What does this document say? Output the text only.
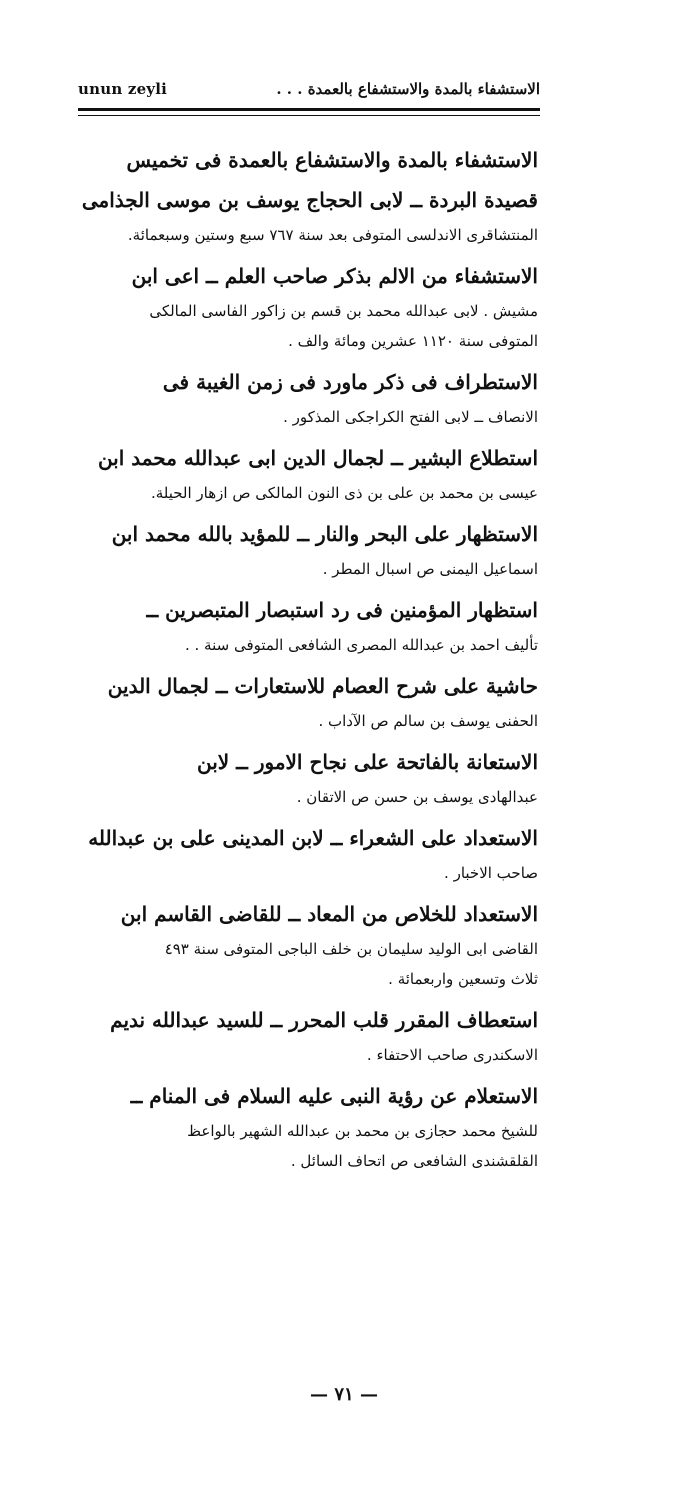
unun zeyli	الاستشفاء بالمدة والاستشفاع بالعمدة . . .
الاستشفاء بالمدة والاستشفاع بالعمدة فى تخميس
قصيدة البردة ــ لابى الحجاج يوسف بن موسى الجذامى
المنتشاقرى الاندلسى المتوفى بعد سنة ٧٦٧ سبع وستين وسبعمائة.
الاستشفاء من الالم بذكر صاحب العلم ــ اعى ابن
مشيش . لابى عبدالله محمد بن قسم بن زاكور الفاسى المالكى
المتوفى سنة ١١٢٠ عشرين ومائة والف .
الاستطراف فى ذكر ماورد فى زمن الغيبة فى
الانصاف ــ لابى الفتح الكراجكى المذكور .
استطلاع البشير ــ لجمال الدين ابى عبدالله محمد ابن
عيسى بن محمد بن على بن ذى النون المالكى ص ازهار الحيلة.
الاستظهار على البحر والنار ــ للمؤيد بالله محمد ابن
اسماعيل اليمنى ص اسبال المطر .
استظهار المؤمنين فى رد استبصار المتبصرين ــ
تأليف احمد بن عبدالله المصرى الشافعى المتوفى سنة . .
حاشية على شرح العصام للاستعارات ــ لجمال الدين
الحفنى يوسف بن سالم ص الآداب .
الاستعانة بالفاتحة على نجاح الامور ــ لابن
عبدالهادى يوسف بن حسن ص الاتقان .
الاستعداد على الشعراء ــ لابن المدينى على بن عبدالله
صاحب الاخبار .
الاستعداد للخلاص من المعاد ــ للقاضى القاسم ابن
القاضى ابى الوليد سليمان بن خلف الباجى المتوفى سنة ٤٩٣
ثلاث وتسعين واربعمائة .
استعطاف المقرر قلب المحرر ــ للسيد عبدالله نديم
الاسكندرى صاحب الاحتفاء .
الاستعلام عن رؤية النبى عليه السلام فى المنام ــ
للشيخ محمد حجازى بن محمد بن عبدالله الشهير بالواعظ
القلقشندى الشافعى ص اتحاف السائل .
— ٧١ —
